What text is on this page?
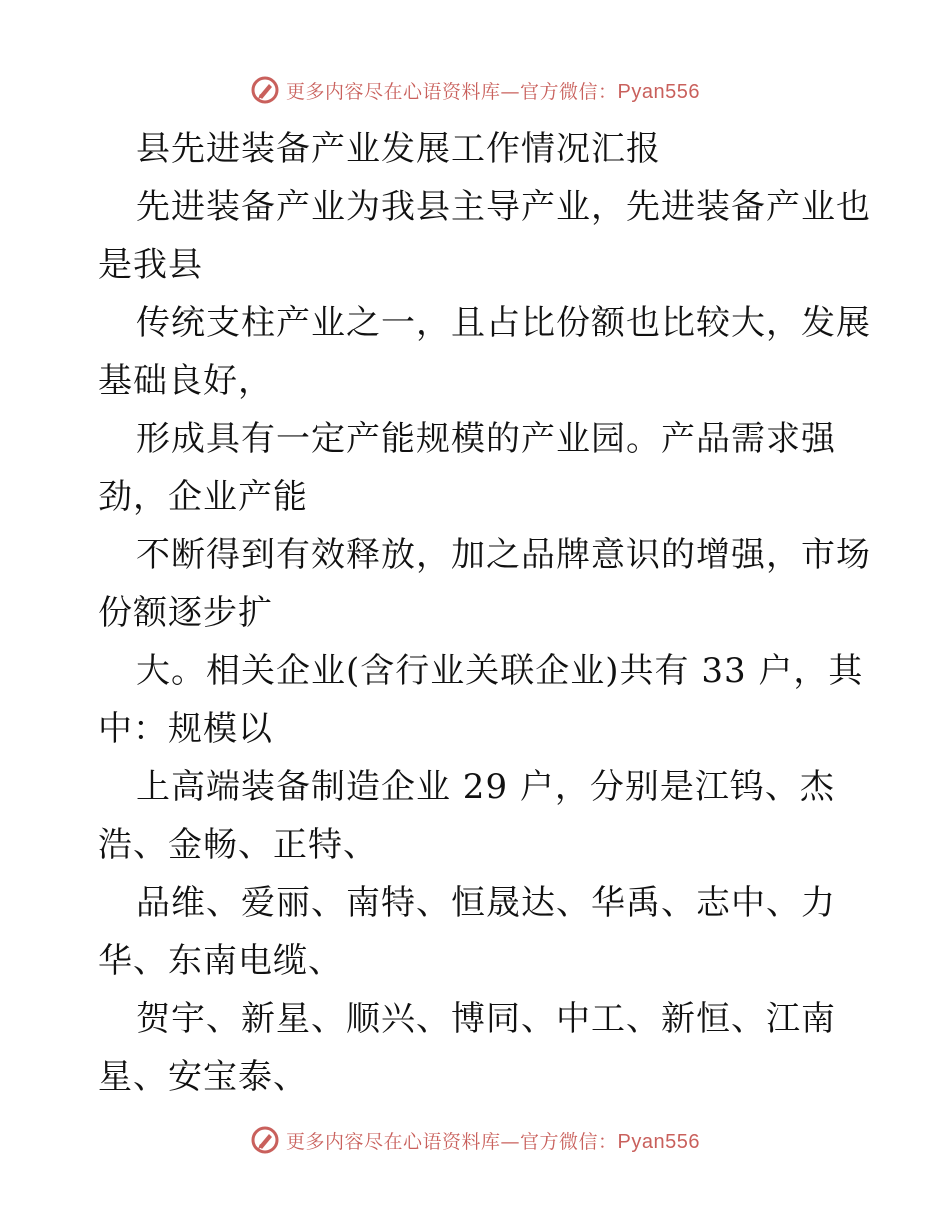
更多内容尽在心语资料库—官方微信：Pyan556
县先进装备产业发展工作情况汇报
先进装备产业为我县主导产业，先进装备产业也
是我县
传统支柱产业之一，且占比份额也比较大，发展
基础良好，
形成具有一定产能规模的产业园。产品需求强
劲，企业产能
不断得到有效释放，加之品牌意识的增强，市场
份额逐步扩
大。相关企业(含行业关联企业)共有 33 户，其
中：规模以
上高端装备制造企业 29 户，分别是江钨、杰
浩、金畅、正特、
品维、爱丽、南特、恒晟达、华禹、志中、力
华、东南电缆、
贺宇、新星、顺兴、博同、中工、新恒、江南
星、安宝泰、
更多内容尽在心语资料库—官方微信：Pyan556
